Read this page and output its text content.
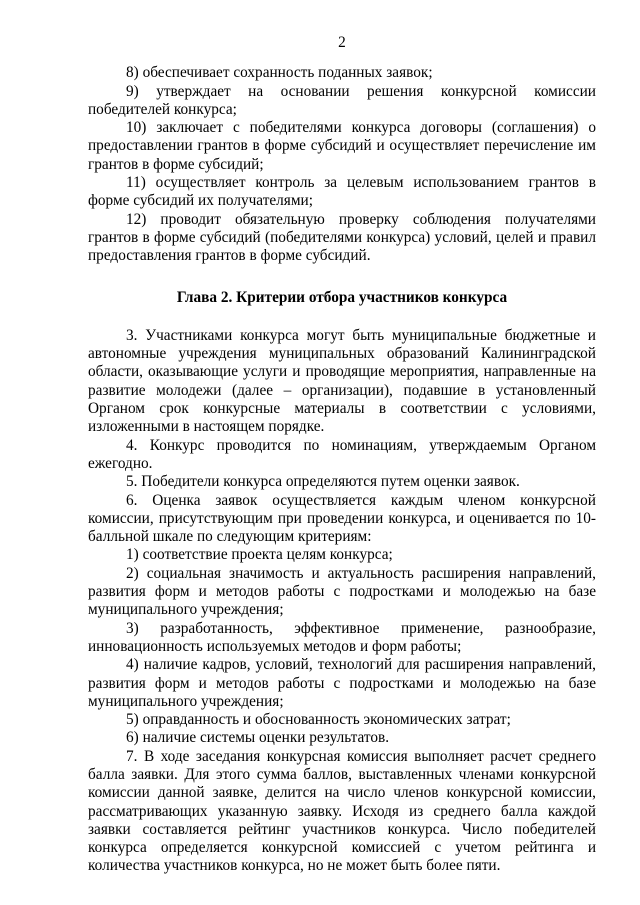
2

8) обеспечивает сохранность поданных заявок;

9) утверждает на основании решения конкурсной комиссии победителей конкурса;

10) заключает с победителями конкурса договоры (соглашения) о предоставлении грантов в форме субсидий и осуществляет перечисление им грантов в форме субсидий;

11) осуществляет контроль за целевым использованием грантов в форме субсидий их получателями;

12) проводит обязательную проверку соблюдения получателями грантов в форме субсидий (победителями конкурса) условий, целей и правил предоставления грантов в форме субсидий.

Глава 2. Критерии отбора участников конкурса

3. Участниками конкурса могут быть муниципальные бюджетные и автономные учреждения муниципальных образований Калининградской области, оказывающие услуги и проводящие мероприятия, направленные на развитие молодежи (далее – организации), подавшие в установленный Органом срок конкурсные материалы в соответствии с условиями, изложенными в настоящем порядке.

4. Конкурс проводится по номинациям, утверждаемым Органом ежегодно.

5. Победители конкурса определяются путем оценки заявок.

6. Оценка заявок осуществляется каждым членом конкурсной комиссии, присутствующим при проведении конкурса, и оценивается по 10-балльной шкале по следующим критериям:

1) соответствие проекта целям конкурса;

2) социальная значимость и актуальность расширения направлений, развития форм и методов работы с подростками и молодежью на базе муниципального учреждения;

3) разработанность, эффективное применение, разнообразие, инновационность используемых методов и форм работы;

4) наличие кадров, условий, технологий для расширения направлений, развития форм и методов работы с подростками и молодежью на базе муниципального учреждения;

5) оправданность и обоснованность экономических затрат;

6) наличие системы оценки результатов.

7. В ходе заседания конкурсная комиссия выполняет расчет среднего балла заявки. Для этого сумма баллов, выставленных членами конкурсной комиссии данной заявке, делится на число членов конкурсной комиссии, рассматривающих указанную заявку. Исходя из среднего балла каждой заявки составляется рейтинг участников конкурса. Число победителей конкурса определяется конкурсной комиссией с учетом рейтинга и количества участников конкурса, но не может быть более пяти.
